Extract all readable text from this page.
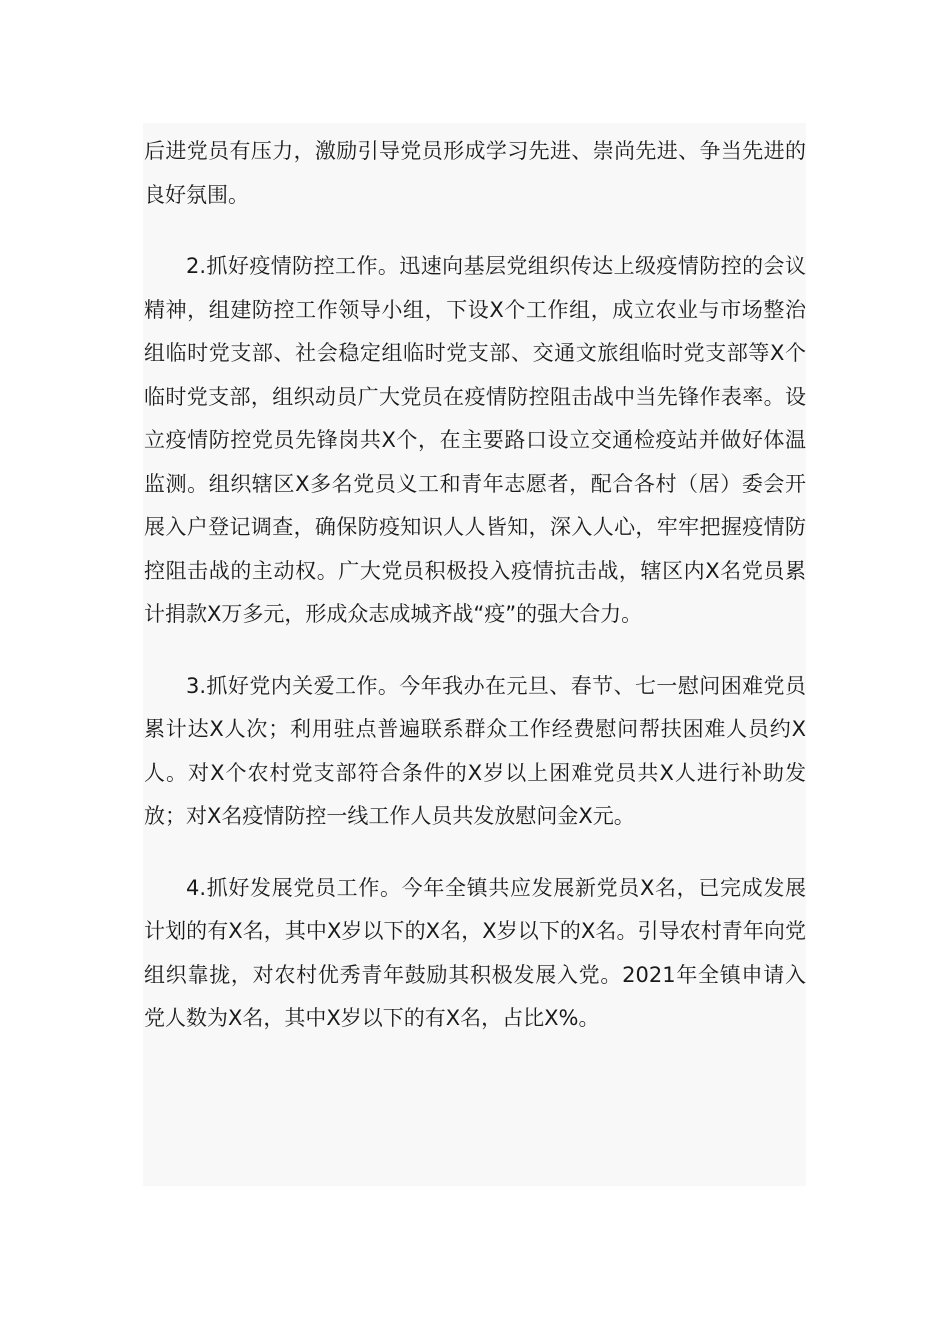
后进党员有压力，激励引导党员形成学习先进、崇尚先进、争当先进的良好氛围。

2.抓好疫情防控工作。迅速向基层党组织传达上级疫情防控的会议精神，组建防控工作领导小组，下设X个工作组，成立农业与市场整治组临时党支部、社会稳定组临时党支部、交通文旅组临时党支部等X个临时党支部，组织动员广大党员在疫情防控阻击战中当先锋作表率。设立疫情防控党员先锋岗共X个，在主要路口设立交通检疫站并做好体温监测。组织辖区X多名党员义工和青年志愿者，配合各村（居）委会开展入户登记调查，确保防疫知识人人皆知，深入人心，牢牢把握疫情防控阻击战的主动权。广大党员积极投入疫情抗击战，辖区内X名党员累计捐款X万多元，形成众志成城齐战“疫”的强大合力。

3.抓好党内关爱工作。今年我办在元旦、春节、七一慰问困难党员累计达X人次；利用驻点普遍联系群众工作经费慰问帮扶困难人员约X人。对X个农村党支部符合条件的X岁以上困难党员共X人进行补助发放；对X名疫情防控一线工作人员共发放慰问金X元。

4.抓好发展党员工作。今年全镇共应发展新党员X名，已完成发展计划的有X名，其中X岁以下的X名，X岁以下的X名。引导农村青年向党组织靠拢，对农村优秀青年鼓励其积极发展入党。2021年全镇申请入党人数为X名，其中X岁以下的有X名，占比X%。
